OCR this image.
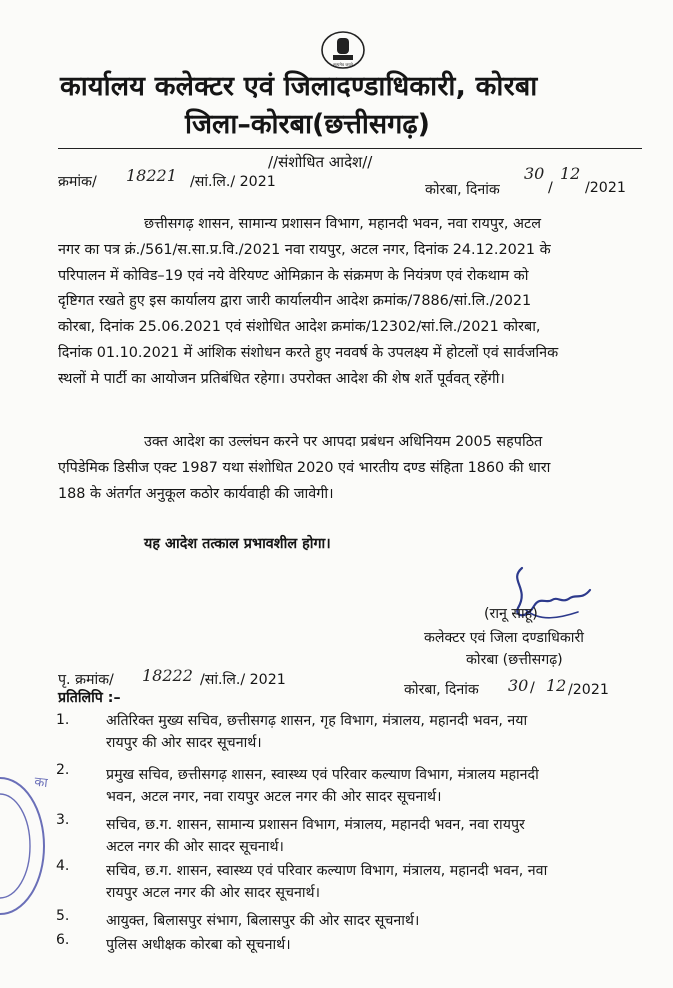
सत्यमेव जयते
कार्यालय कलेक्टर एवं जिलादण्डाधिकारी, कोरबा
जिला–कोरबा(छत्तीसगढ़)
//संशोधित आदेश//
क्रमांक/ 18221 /सां.लि./ 2021	कोरबा, दिनांक
30 12
/ /2021
छत्तीसगढ़ शासन, सामान्य प्रशासन विभाग, महानदी भवन, नवा रायपुर, अटल
नगर का पत्र क्रं./561/स.सा.प्र.वि./2021 नवा रायपुर, अटल नगर, दिनांक 24.12.2021 के
परिपालन में कोविड–19 एवं नये वेरियण्ट ओमिक्रान के संक्रमण के नियंत्रण एवं रोकथाम को
दृष्टिगत रखते हुए इस कार्यालय द्वारा जारी कार्यालयीन आदेश क्रमांक/7886/सां.लि./2021
कोरबा, दिनांक 25.06.2021 एवं संशोधित आदेश क्रमांक/12302/सां.लि./2021 कोरबा,
दिनांक 01.10.2021 में आंशिक संशोधन करते हुए नववर्ष के उपलक्ष्य में होटलों एवं सार्वजनिक
स्थलों मे पार्टी का आयोजन प्रतिबंधित रहेगा। उपरोक्त आदेश की शेष शर्ते पूर्ववत् रहेंगी।
उक्त आदेश का उल्लंघन करने पर आपदा प्रबंधन अधिनियम 2005 सहपठित
एपिडेमिक डिसीज एक्ट 1987 यथा संशोधित 2020 एवं भारतीय दण्ड संहिता 1860 की धारा
188 के अंतर्गत अनुकूल कठोर कार्यवाही की जावेगी।
यह आदेश तत्काल प्रभावशील होगा।
(रानू साहू)
कलेक्टर एवं जिला दण्डाधिकारी
कोरबा (छत्तीसगढ़)
पृ. क्रमांक/ 18222 /सां.लि./ 2021
कोरबा, दिनांक 30 / 12 /2021
प्रतिलिपि :–
1.	अतिरिक्त मुख्य सचिव, छत्तीसगढ़ शासन, गृह विभाग, मंत्रालय, महानदी भवन, नया
रायपुर की ओर सादर सूचनार्थ।
2.	प्रमुख सचिव, छत्तीसगढ़ शासन, स्वास्थ्य एवं परिवार कल्याण विभाग, मंत्रालय महानदी
भवन, अटल नगर, नवा रायपुर अटल नगर की ओर सादर सूचनार्थ।
3.	सचिव, छ.ग. शासन, सामान्य प्रशासन विभाग, मंत्रालय, महानदी भवन, नवा रायपुर
अटल नगर की ओर सादर सूचनार्थ।
4.	सचिव, छ.ग. शासन, स्वास्थ्य एवं परिवार कल्याण विभाग, मंत्रालय, महानदी भवन, नवा
रायपुर अटल नगर की ओर सादर सूचनार्थ।
5.	आयुक्त, बिलासपुर संभाग, बिलासपुर की ओर सादर सूचनार्थ।
6.	पुलिस अधीक्षक कोरबा को सूचनार्थ।
का
